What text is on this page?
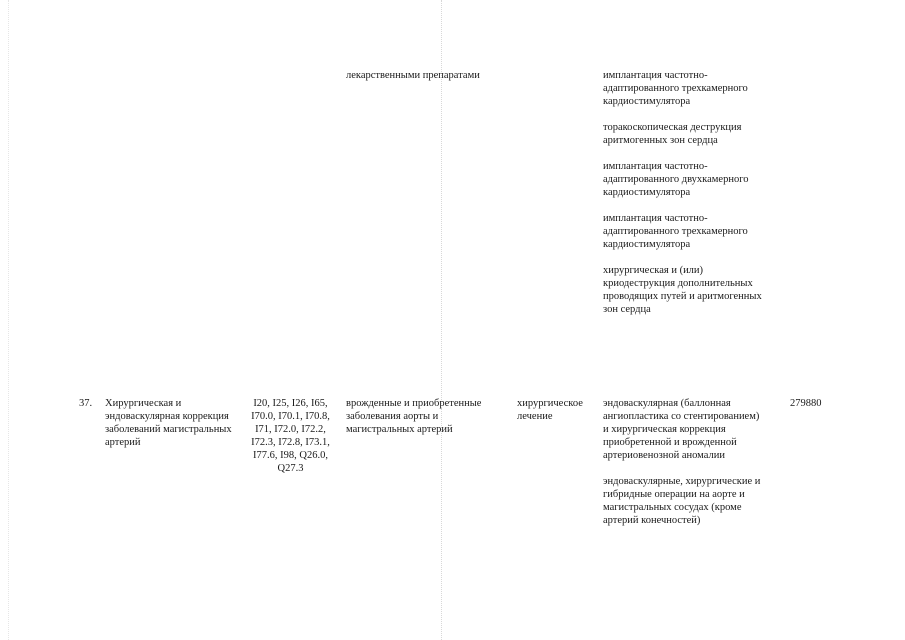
лекарственными препаратами	имплантация частотно-адаптированного трехкамерного кардиостимулятора
торакоскопическая деструкция аритмогенных зон сердца
имплантация частотно-адаптированного двухкамерного кардиостимулятора
имплантация частотно-адаптированного трехкамерного кардиостимулятора
хирургическая и (или) криодеструкция дополнительных проводящих путей и аритмогенных зон сердца
37.	Хирургическая и эндоваскулярная коррекция заболеваний магистральных артерий
I20, I25, I26, I65, I70.0, I70.1, I70.8, I71, I72.0, I72.2, I72.3, I72.8, I73.1, I77.6, I98, Q26.0, Q27.3
врожденные и приобретенные заболевания аорты и магистральных артерий
хирургическое лечение
эндоваскулярная (баллонная ангиопластика со стентированием) и хирургическая коррекция приобретенной и врожденной артериовенозной аномалии
эндоваскулярные, хирургические и гибридные операции на аорте и магистральных сосудах (кроме артерий конечностей)
279880
